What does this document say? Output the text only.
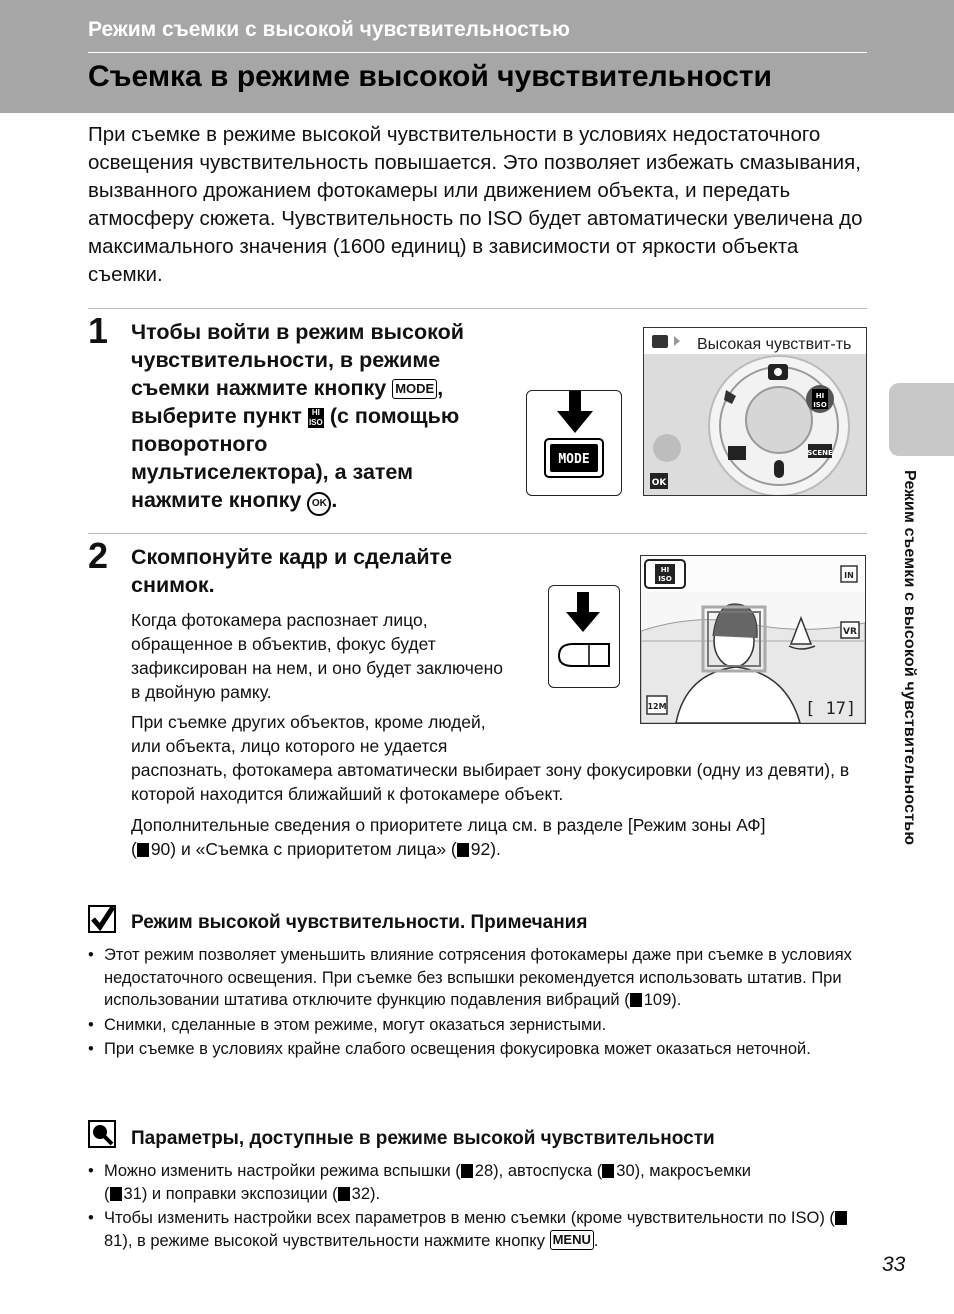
Режим съемки с высокой чувствительностью
Съемка в режиме высокой чувствительности
При съемке в режиме высокой чувствительности в условиях недостаточного освещения чувствительность повышается. Это позволяет избежать смазывания, вызванного дрожанием фотокамеры или движением объекта, и передать атмосферу сюжета. Чувствительность по ISO будет автоматически увеличена до максимального значения (1600 единиц) в зависимости от яркости объекта съемки.
1 Чтобы войти в режим высокой
чувствительности, в режиме
съемки нажмите кнопку MODE ,
выберите пункт HI
ISO (с помощью
поворотного
мультиселектора), а затем
нажмите кнопку OK .
MODE
Высокая чувствит-ть
HI
ISO
SCENE
OK
2 Скомпонуйте кадр и сделайте снимок.
Когда фотокамера распознает лицо, обращенное в объектив, фокус будет зафиксирован на нем, и оно будет заключено в двойную рамку.
При съемке других объектов, кроме людей,
или объекта, лицо которого не удается
распознать, фотокамера автоматически выбирает зону фокусировки (одну из девяти), в которой находится ближайший к фотокамере объект.
Дополнительные сведения о приоритете лица см. в разделе [Режим зоны АФ]
( 90) и «Съемка с приоритетом лица» ( 92).
HI
ISO	IN
VR
12M	[ 17]	Режим съемки с высокой чувствительностью
Режим высокой чувствительности. Примечания
• Этот режим позволяет уменьшить влияние сотрясения фотокамеры даже при съемке в условиях недостаточного освещения. При съемке без вспышки рекомендуется использовать штатив. При использовании штатива отключите функцию подавления вибраций ( 109).
• Снимки, сделанные в этом режиме, могут оказаться зернистыми.
• При съемке в условиях крайне слабого освещения фокусировка может оказаться неточной.
Параметры, доступные в режиме высокой чувствительности
• Можно изменить настройки режима вспышки ( 28), автоспуска ( 30), макросъемки
( 31) и поправки экспозиции ( 32).
• Чтобы изменить настройки всех параметров в меню съемки (кроме чувствительности по ISO) (81), в режиме высокой чувствительности нажмите кнопку MENU .
33
